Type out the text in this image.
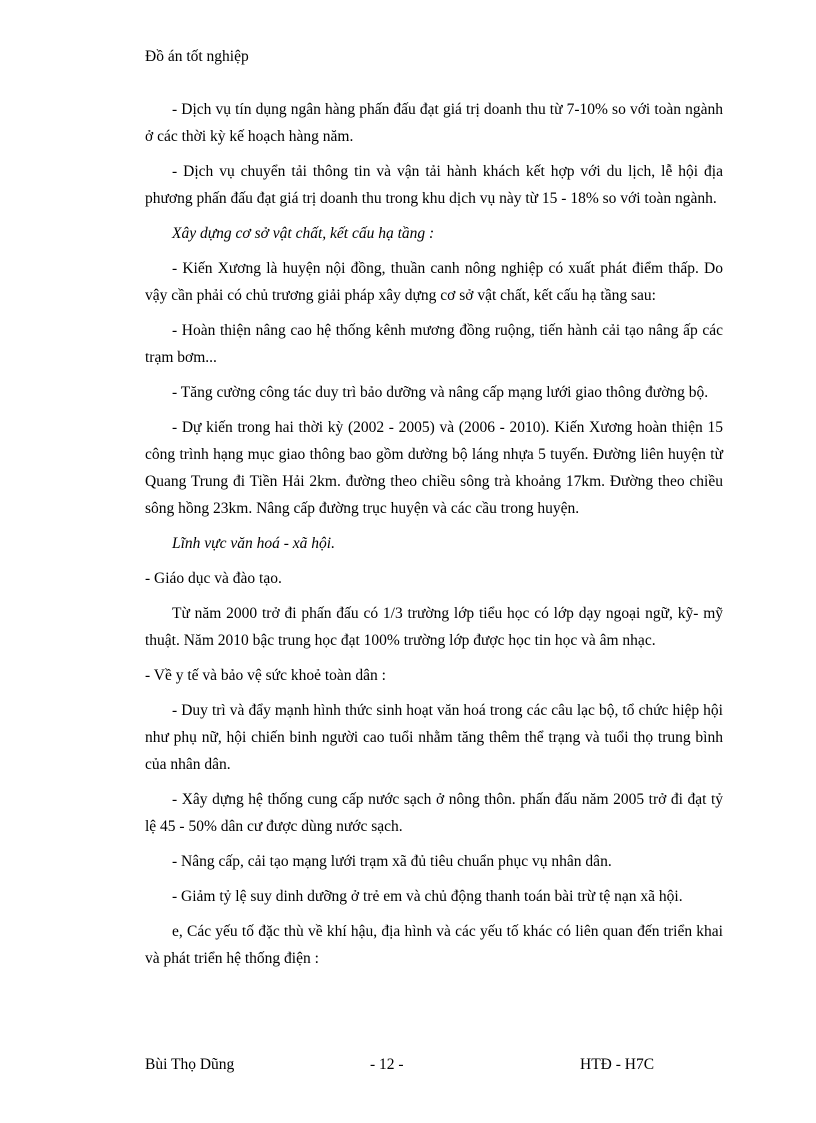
Đồ án tốt nghiệp

- Dịch vụ tín dụng ngân hàng phấn đấu đạt giá trị doanh thu từ 7-10% so với toàn ngành ở các thời kỳ kế hoạch hàng năm.

- Dịch vụ chuyển tải thông tin và vận tải hành khách kết hợp với du lịch, lễ hội địa phương phấn đấu đạt giá trị doanh thu trong khu dịch vụ này từ 15 - 18% so với toàn ngành.

Xây dựng cơ sở vật chất, kết cấu hạ tầng :

- Kiến Xương là huyện nội đồng, thuần canh nông nghiệp có xuất phát điểm thấp. Do vậy cần phải có chủ trương giải pháp xây dựng cơ sở vật chất, kết cấu hạ tầng sau:

- Hoàn thiện nâng cao hệ thống kênh mương đồng ruộng, tiến hành cải tạo nâng ấp các trạm bơm...

- Tăng cường công tác duy trì bảo dưỡng và nâng cấp mạng lưới giao thông đường bộ.

- Dự kiến trong hai thời kỳ (2002 - 2005) và (2006 - 2010). Kiến Xương hoàn thiện 15 công trình hạng mục giao thông bao gồm dường bộ láng nhựa 5 tuyến. Đường liên huyện từ Quang Trung đi Tiền Hải 2km. đường theo chiều sông trà khoảng 17km. Đường theo chiều sông hồng 23km. Nâng cấp đường trục huyện và các cầu trong huyện.

Lĩnh vực văn hoá - xã hội.

- Giáo dục và đào tạo.

Từ năm 2000 trở đi phấn đấu có 1/3 trường lớp tiểu học có lớp dạy ngoại ngữ, kỹ- mỹ thuật. Năm 2010 bậc trung học đạt 100% trường lớp được học tin học và âm nhạc.

- Về y tế và bảo vệ sức khoẻ toàn dân :

- Duy trì và đẩy mạnh hình thức sinh hoạt văn hoá trong các câu lạc bộ, tổ chức hiệp hội như phụ nữ, hội chiến binh người cao tuổi nhằm tăng thêm thể trạng và tuổi thọ trung bình của nhân dân.

- Xây dựng hệ thống cung cấp nước sạch ở nông thôn. phấn đấu năm 2005 trở đi đạt tỷ lệ 45 - 50% dân cư được dùng nước sạch.

- Nâng cấp, cải tạo mạng lưới trạm xã đủ tiêu chuẩn phục vụ nhân dân.

- Giảm tỷ lệ suy dinh dưỡng ở trẻ em và chủ động thanh toán bài trừ tệ nạn xã hội.

e, Các yếu tố đặc thù về khí hậu, địa hình và các yếu tố khác có liên quan đến triển khai và phát triển hệ thống điện :

Bùi Thọ Dũng	- 12 -	HTĐ - H7C
